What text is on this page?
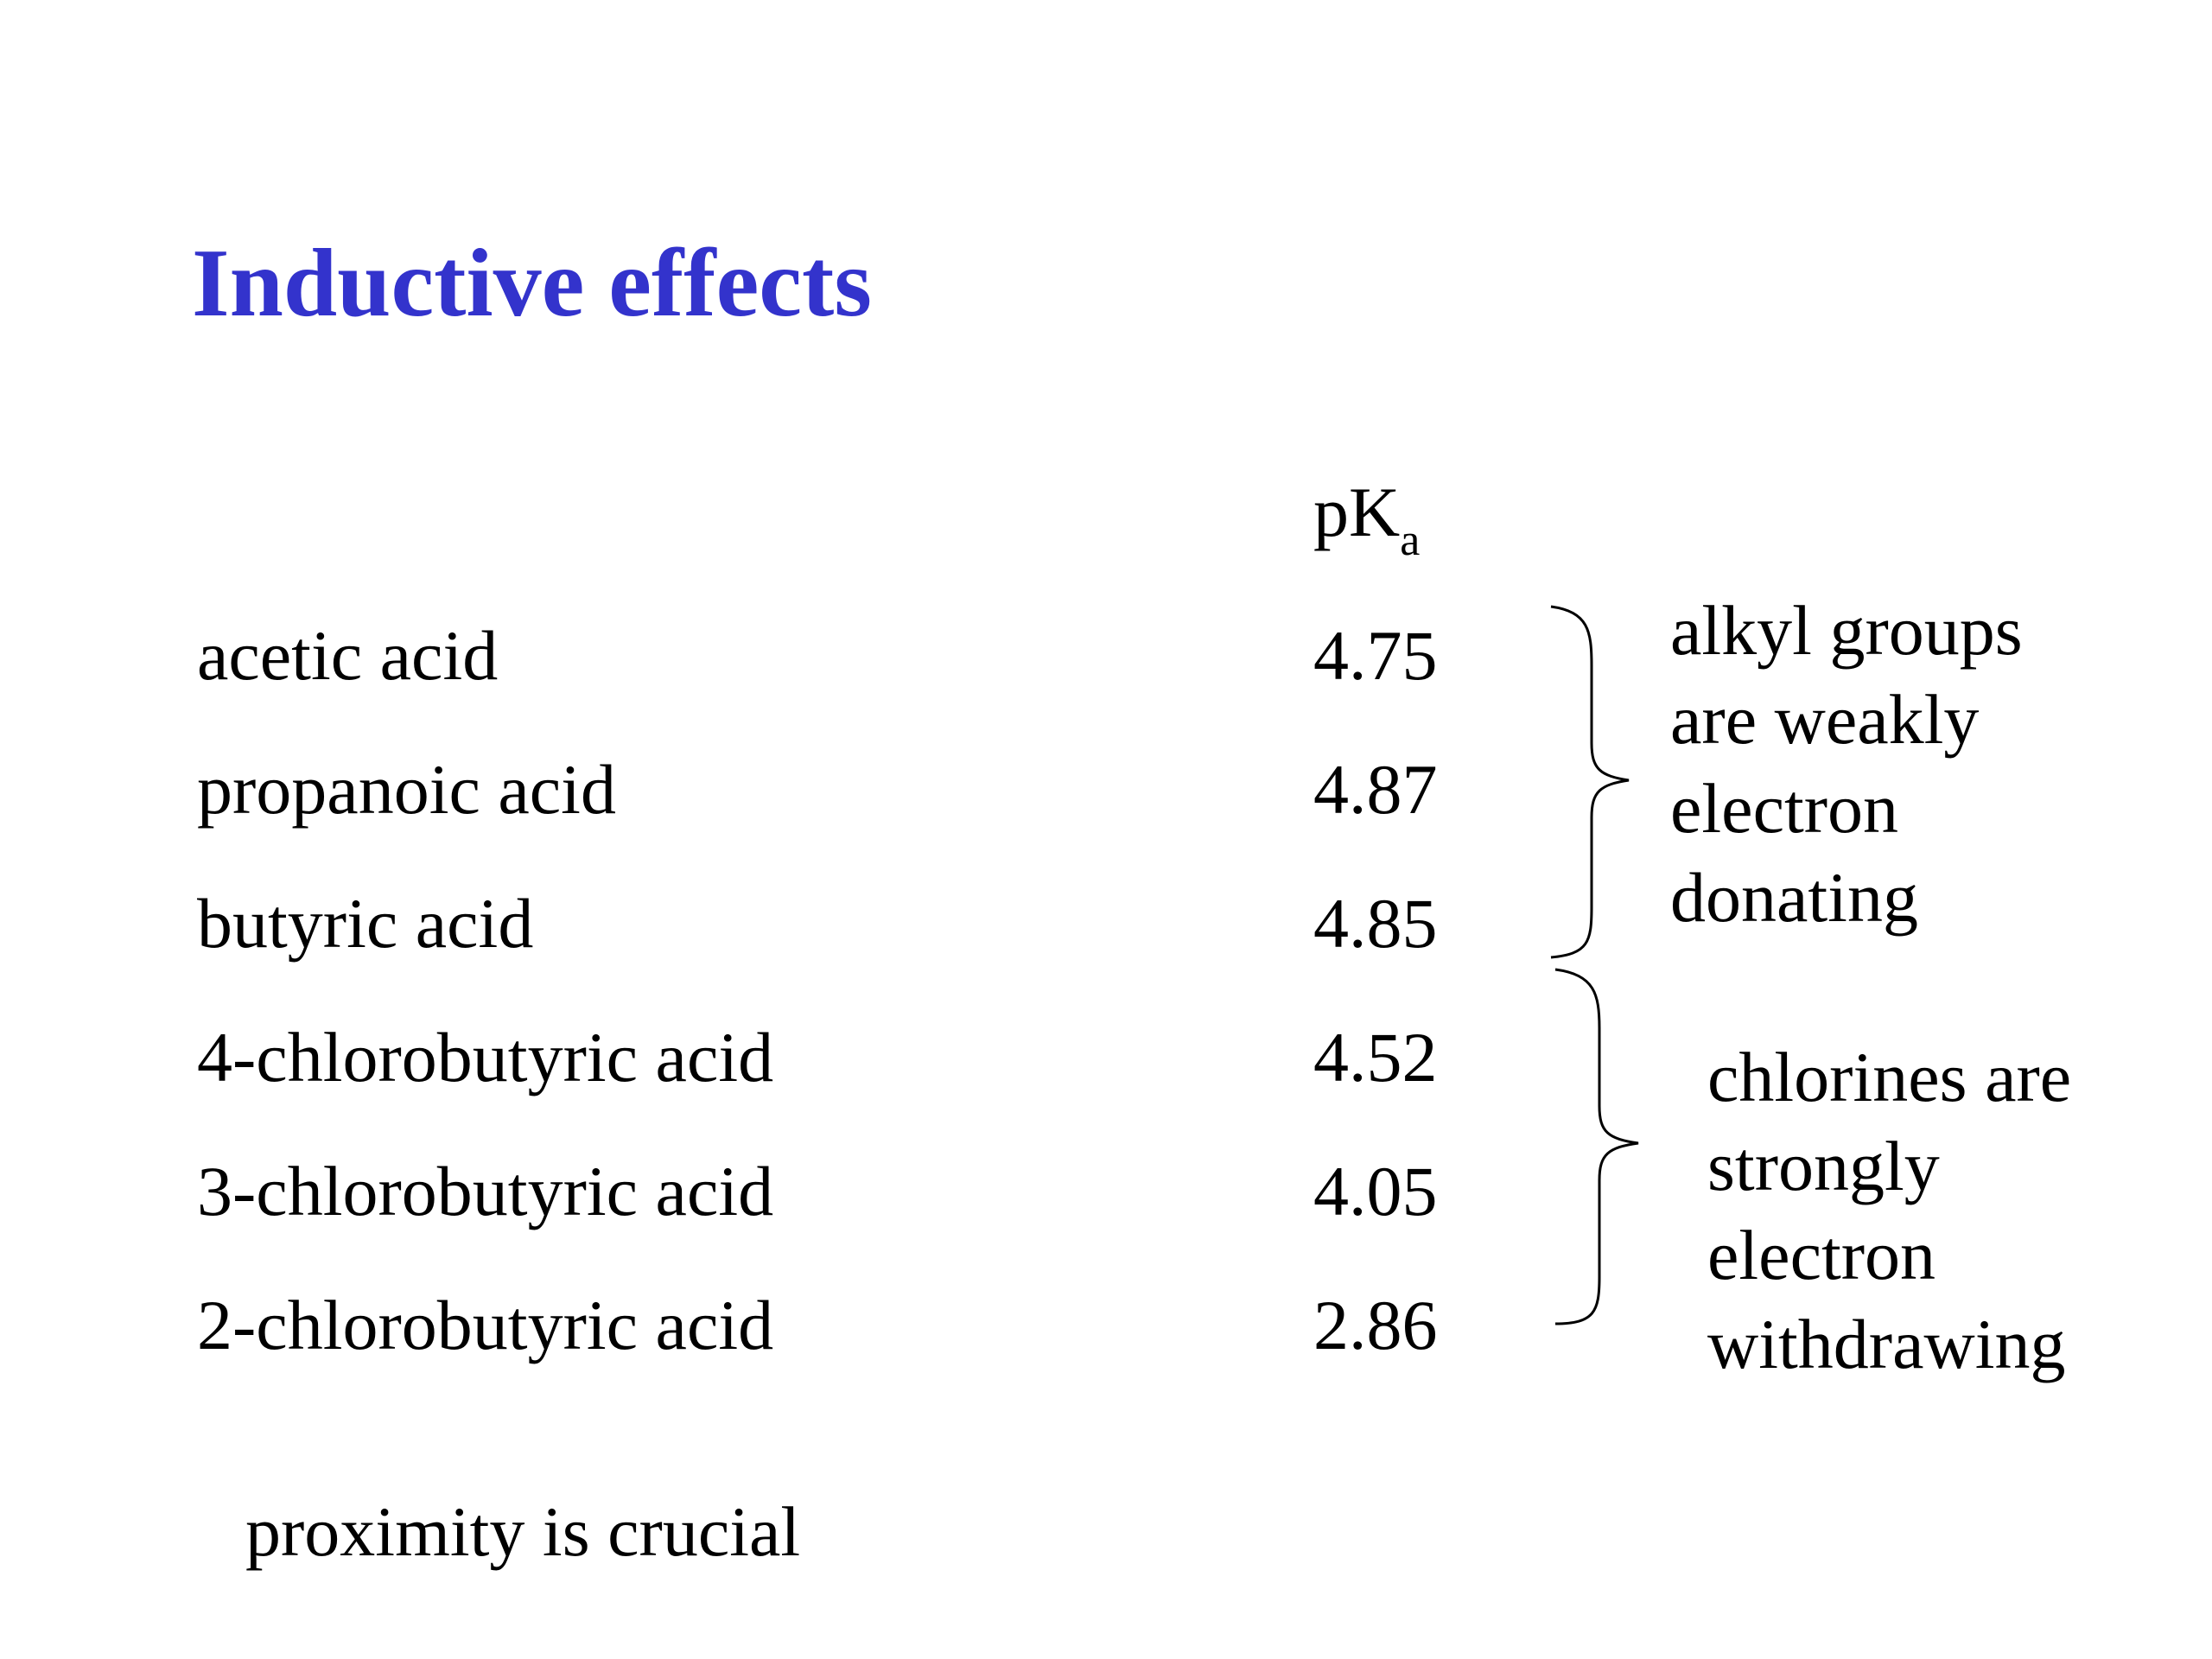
Inductive effects
$pK_a$
acetic acid	4.75
propanoic acid	4.87
butyric acid	4.85
4-chlorobutyric acid	4.52
3-chlorobutyric acid	4.05
2-chlorobutyric acid	2.86
alkyl groups
are weakly
electron
donating
chlorines are
strongly
electron
withdrawing
proximity is crucial
